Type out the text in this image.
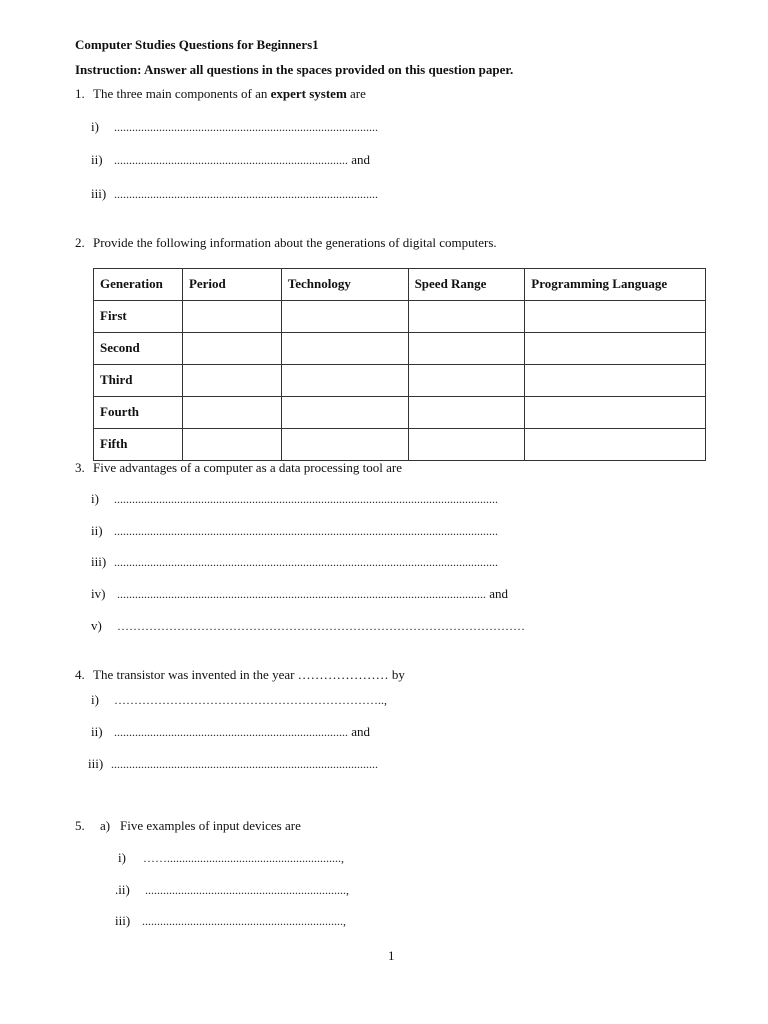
Computer Studies Questions for Beginners1
Instruction: Answer all questions in the spaces provided on this question paper.
1. The three main components of an expert system are
i) ........................................................................................
ii) .............................................................................. and
iii) ........................................................................................
2. Provide the following information about the generations of digital computers.
Generation	Period	Technology	Speed Range	Programming Language
First				
Second				
Third				
Fourth				
Fifth				
3. Five advantages of a computer as a data processing tool are
i) ................................................................................................................................
ii) ................................................................................................................................
iii) ................................................................................................................................
iv) ........................................................................................................................... and
v) …………………………………………………………………………………………
4. The transistor was invented in the year ………………… by
i) …………………………………………………………..,
ii) .............................................................................. and
iii) .........................................................................................
5. a) Five examples of input devices are
i) ……..........................................................,
.ii) ...................................................................,
iii) ...................................................................,
1
